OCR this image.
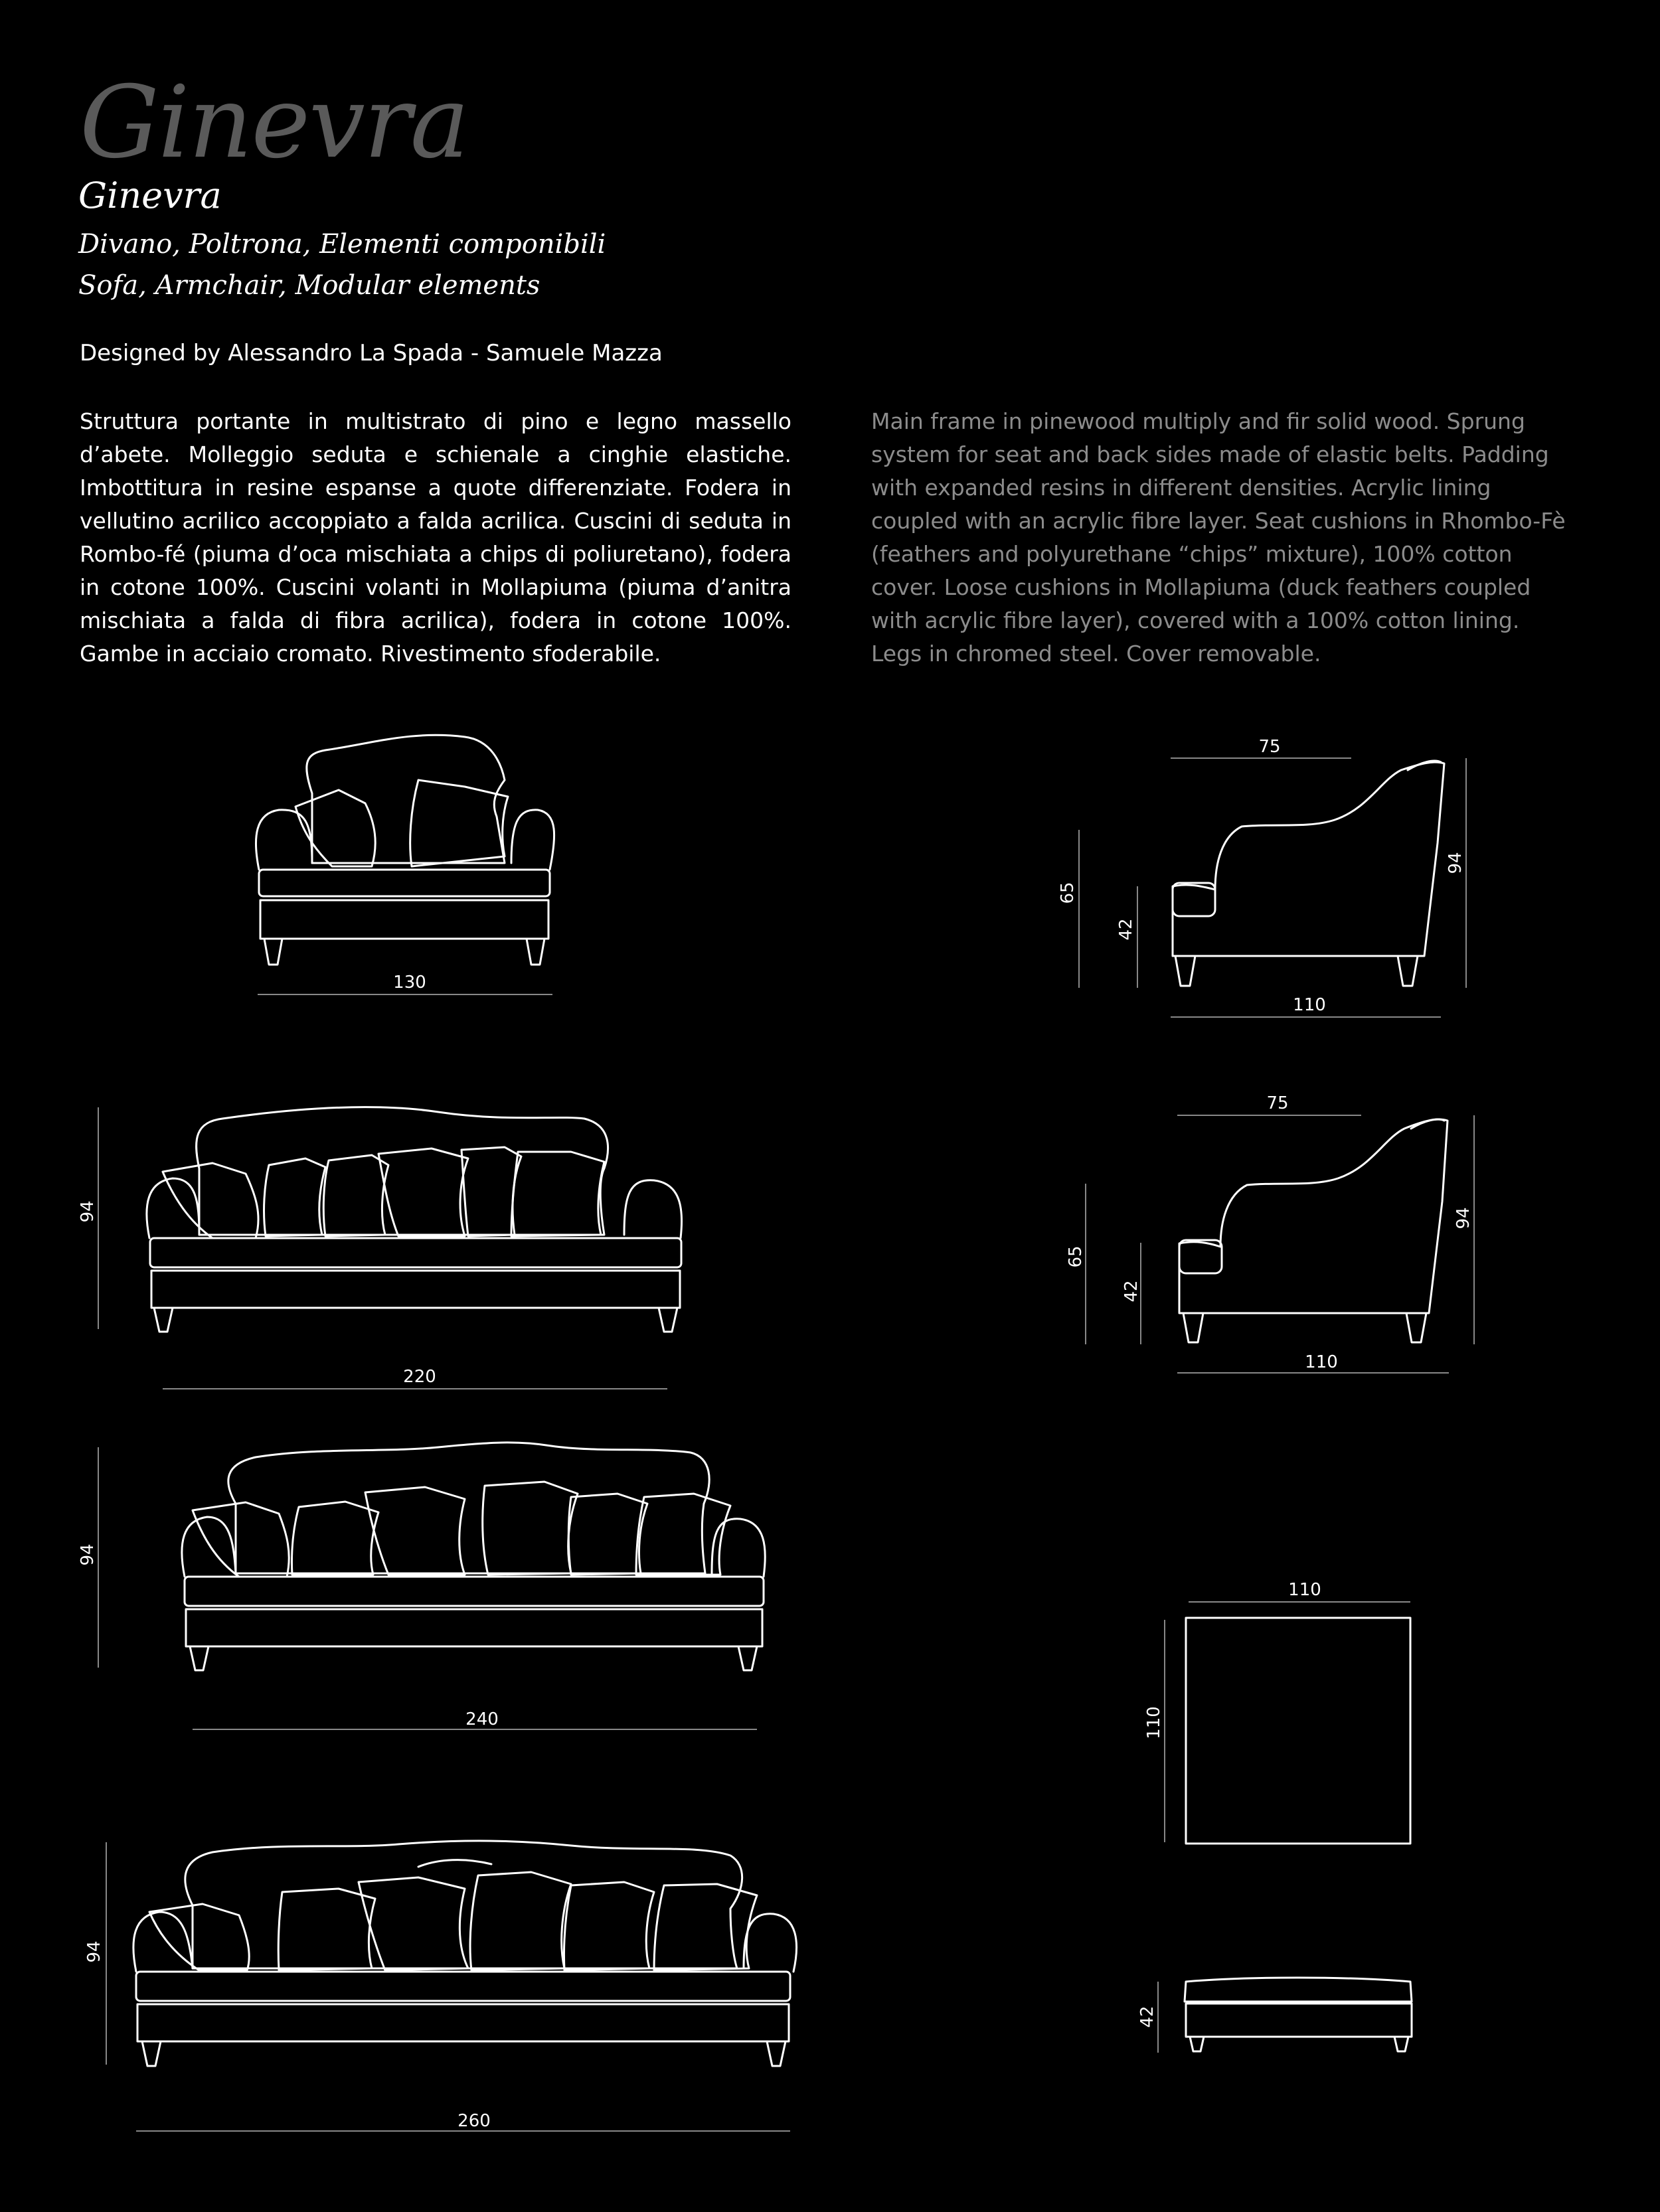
Ginevra
Ginevra
Divano, Poltrona, Elementi componibili
Sofa, Armchair, Modular elements
Designed by Alessandro La Spada - Samuele Mazza
Struttura portante in multistrato di pino e legno massello d’abete. Molleggio seduta e schienale a cinghie elastiche. Imbottitura in resine espanse a quote differenziate. Fodera in vellutino acrilico accoppiato a falda acrilica. Cuscini di seduta in Rombo-fé (piuma d’oca mischiata a chips di poliuretano), fodera in cotone 100%. Cuscini volanti in Mollapiuma (piuma d’anitra mischiata a falda di fibra acrilica), fodera in cotone 100%. Gambe in acciaio cromato. Rivestimento sfoderabile.
Main frame in pinewood multiply and fir solid wood. Sprung system for seat and back sides made of elastic belts. Padding with expanded resins in different densities. Acrylic lining coupled with an acrylic fibre layer. Seat cushions in Rhombo-Fè (feathers and polyurethane “chips” mixture), 100% cotton cover. Loose cushions in Mollapiuma (duck feathers coupled with acrylic fibre layer), covered with a 100% cotton lining.
Legs in chromed steel. Cover removable.
130
75
65
42
94
110
94
220
75
65
42
94
110
94
240
110
110
94
260
42
